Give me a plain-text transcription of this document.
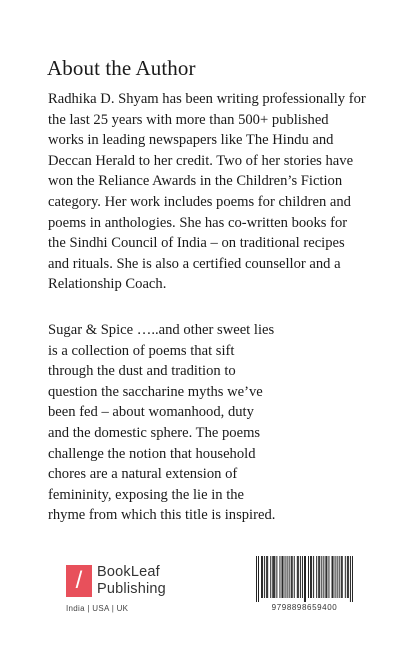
About the Author

Radhika D. Shyam has been writing professionally for
the last 25 years with more than 500+ published
works in leading newspapers like The Hindu and
Deccan Herald to her credit. Two of her stories have
won the Reliance Awards in the Children’s Fiction
category. Her work includes poems for children and
poems in anthologies. She has co-written books for
the Sindhi Council of India – on traditional recipes
and rituals. She is also a certified counsellor and a
Relationship Coach.

Sugar & Spice …..and other sweet lies
is a collection of poems that sift
through the dust and tradition to
question the saccharine myths we’ve
been fed – about womanhood, duty
and the domestic sphere. The poems
challenge the notion that household
chores are a natural extension of
femininity, exposing the lie in the
rhyme from which this title is inspired.

/ BookLeaf
Publishing
India | USA | UK	9798898659400
